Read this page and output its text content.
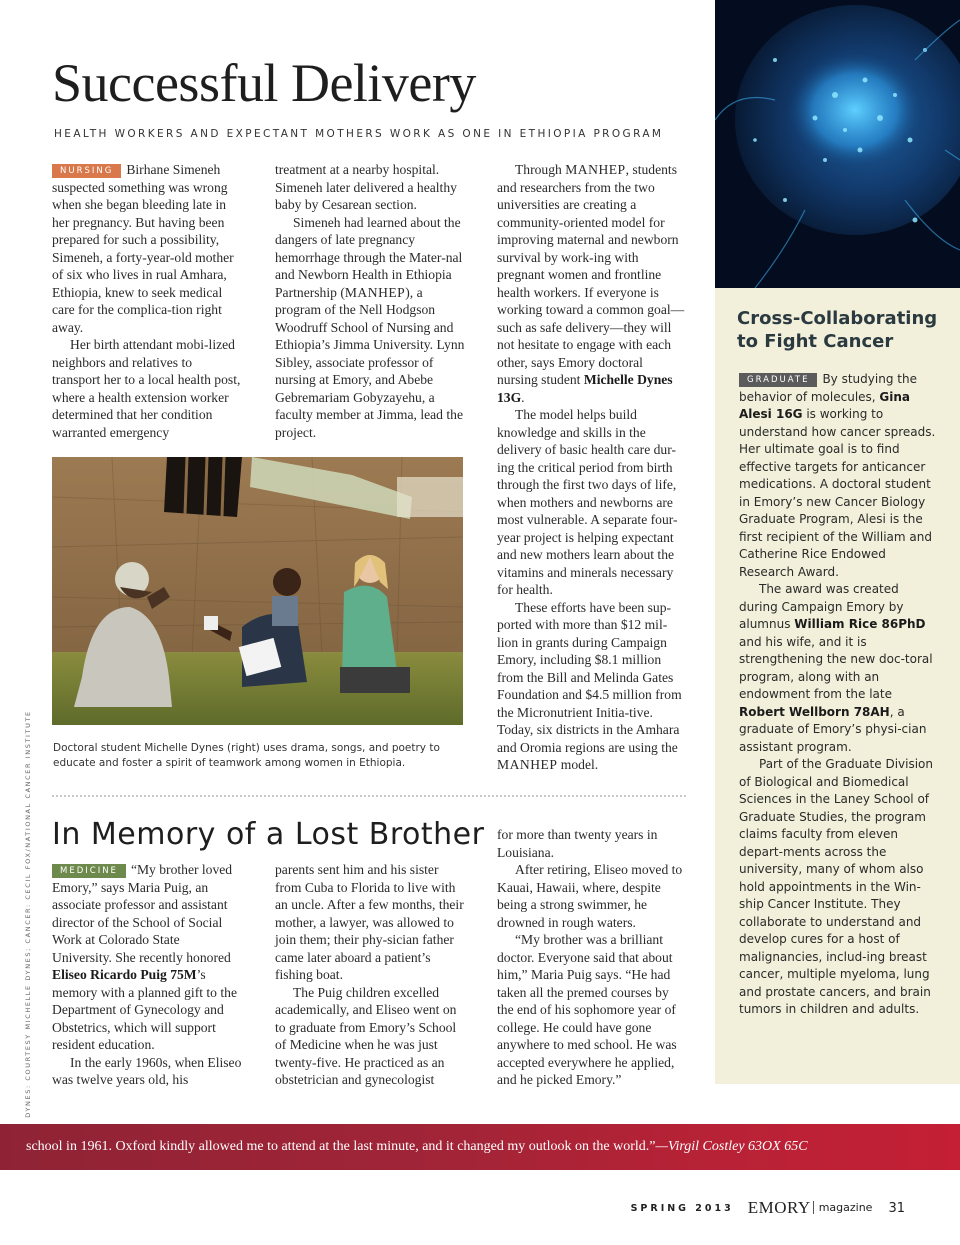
Successful Delivery
HEALTH WORKERS AND EXPECTANT MOTHERS WORK AS ONE IN ETHIOPIA PROGRAM

NURSING Birhane Simeneh suspected something was wrong when she began bleeding late in her pregnancy. But having been prepared for such a possibility, Simeneh, a forty-year-old mother of six who lives in rual Amhara, Ethiopia, knew to seek medical care for the complica-tion right away.

Her birth attendant mobi-lized neighbors and relatives to transport her to a local health post, where a health extension worker determined that her condition warranted emergency

treatment at a nearby hospital. Simeneh later delivered a healthy baby by Cesarean section.

Simeneh had learned about the dangers of late pregnancy hemorrhage through the Mater-nal and Newborn Health in Ethiopia Partnership (MANHEP), a program of the Nell Hodgson Woodruff School of Nursing and Ethiopia’s Jimma University. Lynn Sibley, associate professor of nursing at Emory, and Abebe Gebremariam Gobyzayehu, a faculty member at Jimma, lead the project.

Through MANHEP, students and researchers from the two universities are creating a community-oriented model for improving maternal and newborn survival by work-ing with pregnant women and frontline health workers. If everyone is working toward a common goal—such as safe delivery—they will not hesitate to engage with each other, says Emory doctoral nursing student Michelle Dynes 13G.

The model helps build knowledge and skills in the delivery of basic health care dur-ing the critical period from birth through the first two days of life, when mothers and newborns are most vulnerable. A separate four-year project is helping expectant and new mothers learn about the vitamins and minerals necessary for health.

These efforts have been sup-ported with more than $12 mil-lion in grants during Campaign Emory, including $8.1 million from the Bill and Melinda Gates Foundation and $4.5 million from the Micronutrient Initia-tive. Today, six districts in the Amhara and Oromia regions are using the MANHEP model.

Doctoral student Michelle Dynes (right) uses drama, songs, and poetry to educate and foster a spirit of teamwork among women in Ethiopia.

DYNES: COURTESY MICHELLE DYNES; CANCER: CECIL FOX/NATIONAL CANCER INSTITUTE In Memory of a Lost Brother

MEDICINE “My brother loved Emory,” says Maria Puig, an associate professor and assistant director of the School of Social Work at Colorado State University. She recently honored Eliseo Ricardo Puig 75M’s memory with a planned gift to the Department of Gynecology and Obstetrics, which will support resident education.

In the early 1960s, when Eliseo was twelve years old, his

parents sent him and his sister from Cuba to Florida to live with an uncle. After a few months, their mother, a lawyer, was allowed to join them; their phy-sician father came later aboard a patient’s fishing boat.

The Puig children excelled academically, and Eliseo went on to graduate from Emory’s School of Medicine when he was just twenty-five. He practiced as an obstetrician and gynecologist

for more than twenty years in Louisiana.

After retiring, Eliseo moved to Kauai, Hawaii, where, despite being a strong swimmer, he drowned in rough waters.

“My brother was a brilliant doctor. Everyone said that about him,” Maria Puig says. “He had taken all the premed courses by the end of his sophomore year of college. He could have gone anywhere to med school. He was accepted everywhere he applied, and he picked Emory.”

Cross-Collaborating
to Fight Cancer

GRADUATE By studying the behavior of molecules, Gina Alesi 16G is working to understand how cancer spreads. Her ultimate goal is to find effective targets for anticancer medications. A doctoral student in Emory’s new Cancer Biology Graduate Program, Alesi is the first recipient of the William and Catherine Rice Endowed Research Award.

The award was created during Campaign Emory by alumnus William Rice 86PhD and his wife, and it is strengthening the new doc-toral program, along with an endowment from the late Robert Wellborn 78AH, a graduate of Emory’s physi-cian assistant program.

Part of the Graduate Division of Biological and Biomedical Sciences in the Laney School of Graduate Studies, the program claims faculty from eleven depart-ments across the university, many of whom also hold appointments in the Win-ship Cancer Institute. They collaborate to understand and develop cures for a host of malignancies, includ-ing breast cancer, multiple myeloma, lung and prostate cancers, and brain tumors in children and adults.

school in 1961. Oxford kindly allowed me to attend at the last minute, and it changed my outlook on the world.”—Virgil Costley 63OX 65C
SPRING 2013 EMORY magazine 31
